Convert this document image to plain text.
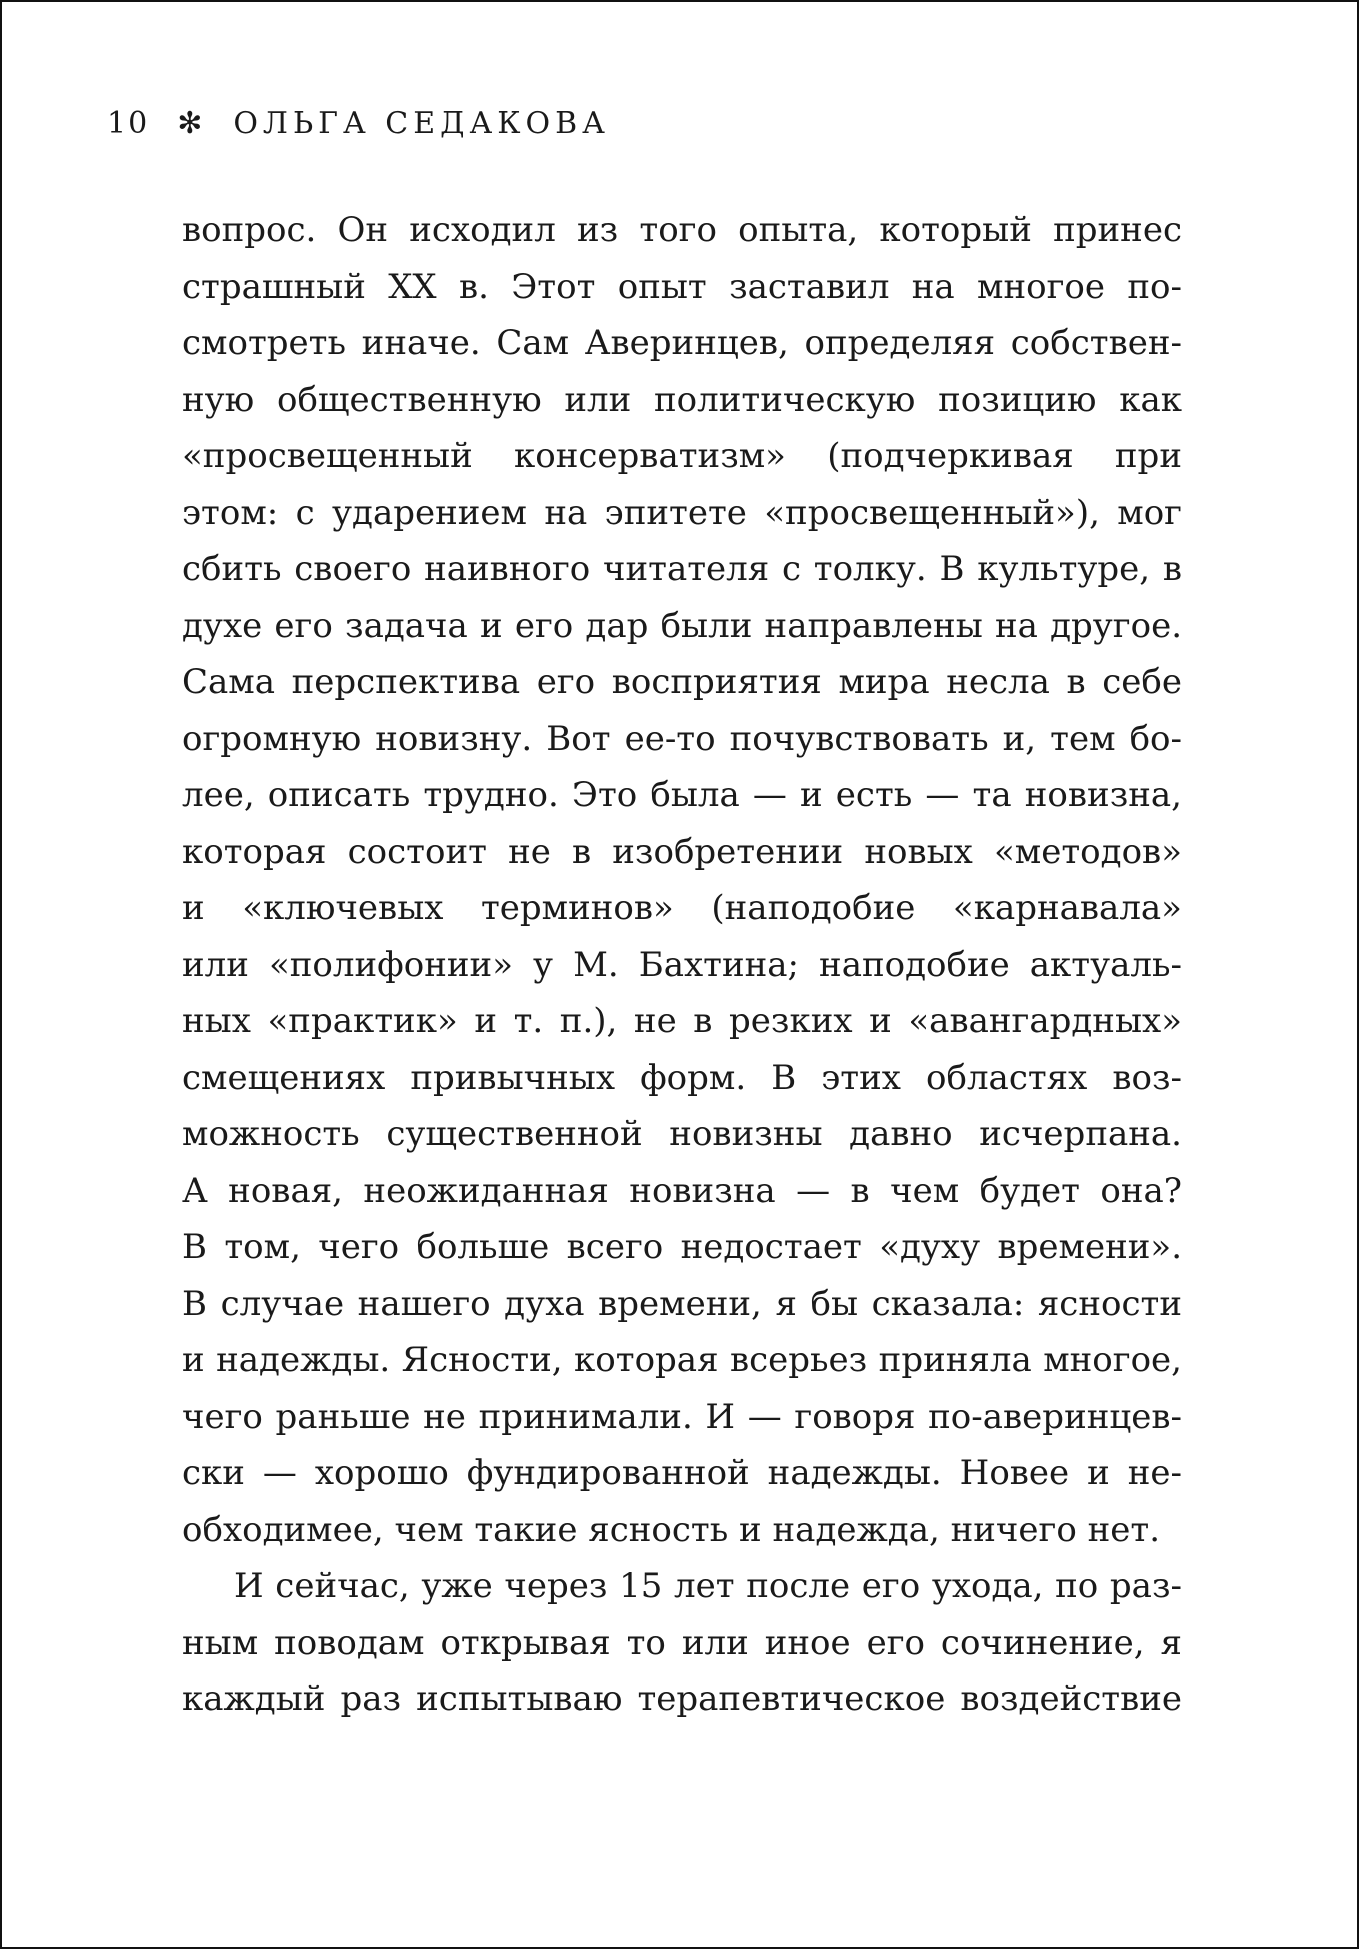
10 ✻ ОЛЬГА СЕДАКОВА
вопрос. Он исходил из того опыта, который принес
страшный XX в. Этот опыт заставил на многое по-
смотреть иначе. Сам Аверинцев, определяя собствен-
ную общественную или политическую позицию как
«просвещенный консерватизм» (подчеркивая при
этом: с ударением на эпитете «просвещенный»), мог
сбить своего наивного читателя с толку. В культуре, в
духе его задача и его дар были направлены на другое.
Сама перспектива его восприятия мира несла в себе
огромную новизну. Вот ее-то почувствовать и, тем бо-
лее, описать трудно. Это была — и есть — та новизна,
которая состоит не в изобретении новых «методов»
и «ключевых терминов» (наподобие «карнавала»
или «полифонии» у М. Бахтина; наподобие актуаль-
ных «практик» и т. п.), не в резких и «авангардных»
смещениях привычных форм. В этих областях воз-
можность существенной новизны давно исчерпана.
А новая, неожиданная новизна — в чем будет она?
В том, чего больше всего недостает «духу времени».
В случае нашего духа времени, я бы сказала: ясности
и надежды. Ясности, которая всерьез приняла многое,
чего раньше не принимали. И — говоря по-аверинцев-
ски — хорошо фундированной надежды. Новее и не-
обходимее, чем такие ясность и надежда, ничего нет.
И сейчас, уже через 15 лет после его ухода, по раз-
ным поводам открывая то или иное его сочинение, я
каждый раз испытываю терапевтическое воздействие
